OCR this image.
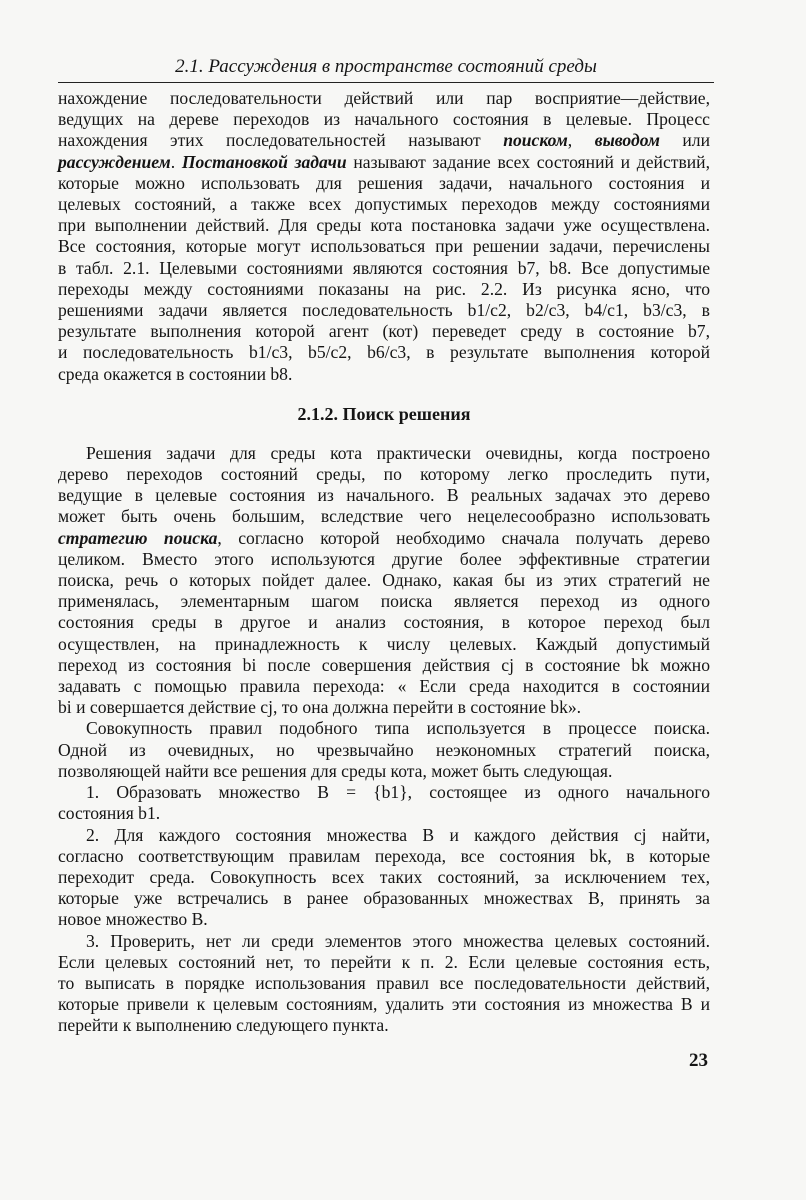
2.1. Рассуждения в пространстве состояний среды
нахождение последовательности действий или пар восприятие—действие,
ведущих на дереве переходов из начального состояния в целевые. Процесс
нахождения этих последовательностей называют поиском, выводом или
рассуждением. Постановкой задачи называют задание всех состояний и действий,
которые можно использовать для решения задачи, начального состояния и
целевых состояний, а также всех допустимых переходов между состояниями
при выполнении действий. Для среды кота постановка задачи уже осуществлена.
Все состояния, которые могут использоваться при решении задачи, перечислены
в табл. 2.1. Целевыми состояниями являются состояния b7, b8. Все допустимые
переходы между состояниями показаны на рис. 2.2. Из рисунка ясно, что
решениями задачи является последовательность b1/c2, b2/c3, b4/c1, b3/c3, в
результате выполнения которой агент (кот) переведет среду в состояние b7,
и последовательность b1/c3, b5/c2, b6/c3, в результате выполнения которой
среда окажется в состоянии b8.
2.1.2. Поиск решения
Решения задачи для среды кота практически очевидны, когда построено
дерево переходов состояний среды, по которому легко проследить пути,
ведущие в целевые состояния из начального. В реальных задачах это дерево
может быть очень большим, вследствие чего нецелесообразно использовать
стратегию поиска, согласно которой необходимо сначала получать дерево
целиком. Вместо этого используются другие более эффективные стратегии
поиска, речь о которых пойдет далее. Однако, какая бы из этих стратегий не
применялась, элементарным шагом поиска является переход из одного
состояния среды в другое и анализ состояния, в которое переход был
осуществлен, на принадлежность к числу целевых. Каждый допустимый
переход из состояния bi после совершения действия cj в состояние bk можно
задавать с помощью правила перехода: « Если среда находится в состоянии
bi и совершается действие cj, то она должна перейти в состояние bk».
Совокупность правил подобного типа используется в процессе поиска.
Одной из очевидных, но чрезвычайно неэкономных стратегий поиска,
позволяющей найти все решения для среды кота, может быть следующая.
1. Образовать множество B = {b1}, состоящее из одного начального
состояния b1.
2. Для каждого состояния множества B и каждого действия cj найти,
согласно соответствующим правилам перехода, все состояния bk, в которые
переходит среда. Совокупность всех таких состояний, за исключением тех,
которые уже встречались в ранее образованных множествах B, принять за
новое множество B.
3. Проверить, нет ли среди элементов этого множества целевых состояний.
Если целевых состояний нет, то перейти к п. 2. Если целевые состояния есть,
то выписать в порядке использования правил все последовательности действий,
которые привели к целевым состояниям, удалить эти состояния из множества B и
перейти к выполнению следующего пункта.
23
